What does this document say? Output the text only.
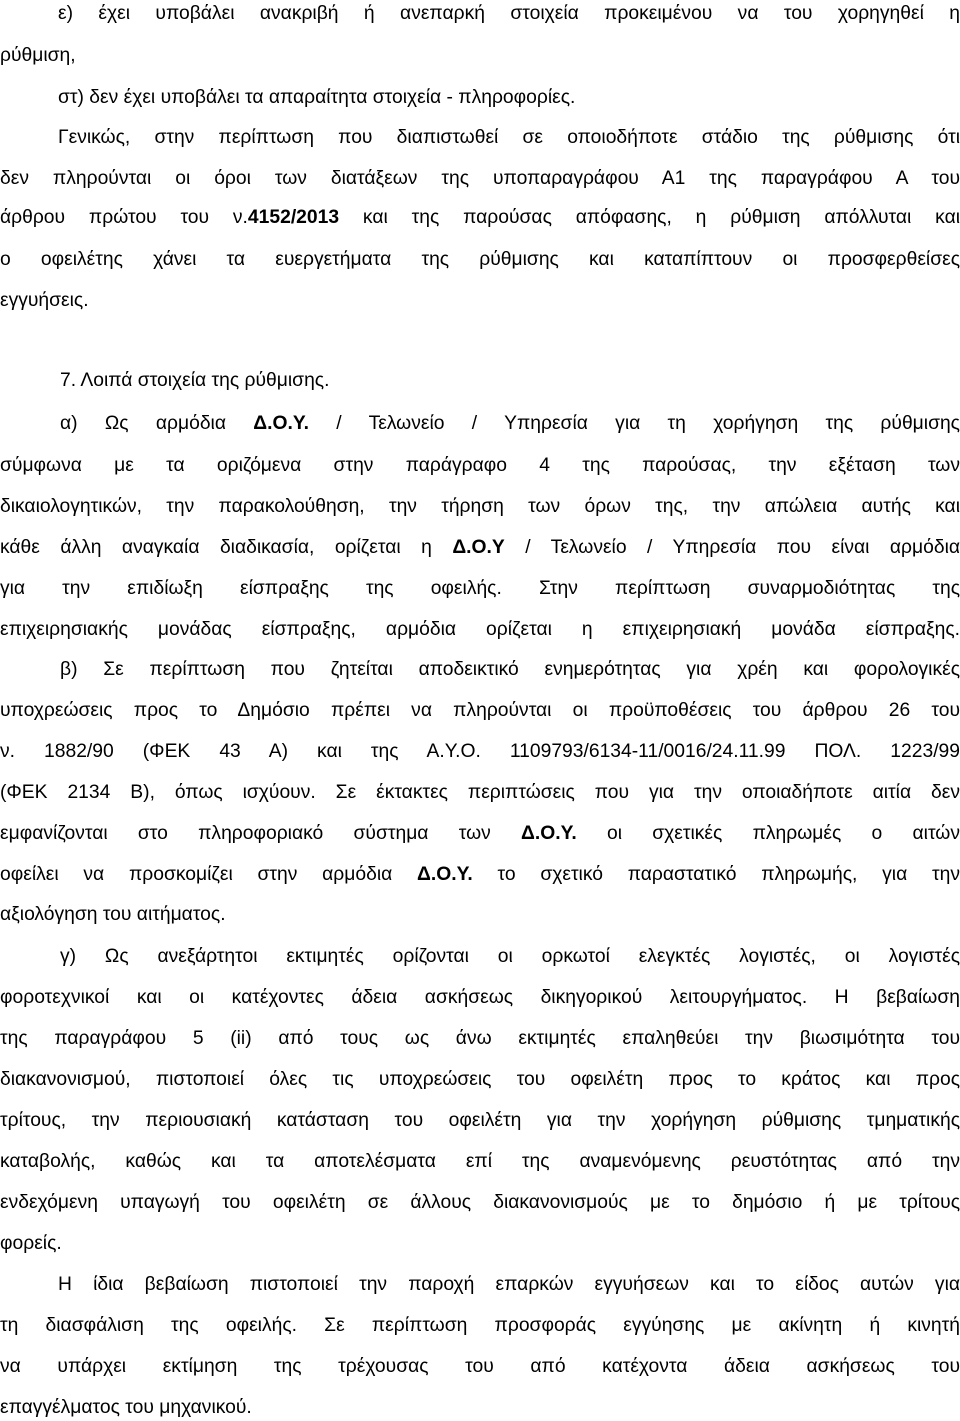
ε) έχει υποβάλει ανακριβή ή ανεπαρκή στοιχεία προκειμένου να του χορηγηθεί η
ρύθμιση,
στ) δεν έχει υποβάλει τα απαραίτητα στοιχεία - πληροφορίες.
Γενικώς, στην περίπτωση που διαπιστωθεί σε οποιοδήποτε στάδιο της ρύθμισης ότι
δεν πληρούνται οι όροι των διατάξεων της υποπαραγράφου Α1 της παραγράφου Α του
άρθρου πρώτου του ν.4152/2013 και της παρούσας απόφασης, η ρύθμιση απόλλυται και
ο οφειλέτης χάνει τα ευεργετήματα της ρύθμισης και καταπίπτουν οι προσφερθείσες
εγγυήσεις.
7. Λοιπά στοιχεία της ρύθμισης.
α) Ως αρμόδια Δ.Ο.Υ. / Τελωνείο / Υπηρεσία για τη χορήγηση της ρύθμισης
σύμφωνα με τα οριζόμενα στην παράγραφο 4 της παρούσας, την εξέταση των
δικαιολογητικών, την παρακολούθηση, την τήρηση των όρων της, την απώλεια αυτής και
κάθε άλλη αναγκαία διαδικασία, ορίζεται η Δ.Ο.Υ / Τελωνείο / Υπηρεσία που είναι αρμόδια
για την επιδίωξη είσπραξης της οφειλής. Στην περίπτωση συναρμοδιότητας της
επιχειρησιακής μονάδας είσπραξης, αρμόδια ορίζεται η επιχειρησιακή μονάδα είσπραξης.
β) Σε περίπτωση που ζητείται αποδεικτικό ενημερότητας για χρέη και φορολογικές
υποχρεώσεις προς το Δημόσιο πρέπει να πληρούνται οι προϋποθέσεις του άρθρου 26 του
ν. 1882/90 (ΦΕΚ 43 Α) και της Α.Υ.Ο. 1109793/6134-11/0016/24.11.99 ΠΟΛ. 1223/99
(ΦΕΚ 2134 Β), όπως ισχύουν. Σε έκτακτες περιπτώσεις που για την οποιαδήποτε αιτία δεν
εμφανίζονται στο πληροφοριακό σύστημα των Δ.Ο.Υ. οι σχετικές πληρωμές ο αιτών
οφείλει να προσκομίζει στην αρμόδια Δ.Ο.Υ. το σχετικό παραστατικό πληρωμής, για την
αξιολόγηση του αιτήματος.
γ) Ως ανεξάρτητοι εκτιμητές ορίζονται οι ορκωτοί ελεγκτές λογιστές, οι λογιστές
φοροτεχνικοί και οι κατέχοντες άδεια ασκήσεως δικηγορικού λειτουργήματος. Η βεβαίωση
της παραγράφου 5 (ii) από τους ως άνω εκτιμητές επαληθεύει την βιωσιμότητα του
διακανονισμού, πιστοποιεί όλες τις υποχρεώσεις του οφειλέτη προς το κράτος και προς
τρίτους, την περιουσιακή κατάσταση του οφειλέτη για την χορήγηση ρύθμισης τμηματικής
καταβολής, καθώς και τα αποτελέσματα επί της αναμενόμενης ρευστότητας από την
ενδεχόμενη υπαγωγή του οφειλέτη σε άλλους διακανονισμούς με το δημόσιο ή με τρίτους
φορείς.
Η ίδια βεβαίωση πιστοποιεί την παροχή επαρκών εγγυήσεων και το είδος αυτών για
τη διασφάλιση της οφειλής. Σε περίπτωση προσφοράς εγγύησης με ακίνητη ή κινητή
να υπάρχει εκτίμηση της τρέχουσας του από κατέχοντα άδεια ασκήσεως του
επαγγέλματος του μηχανικού.
